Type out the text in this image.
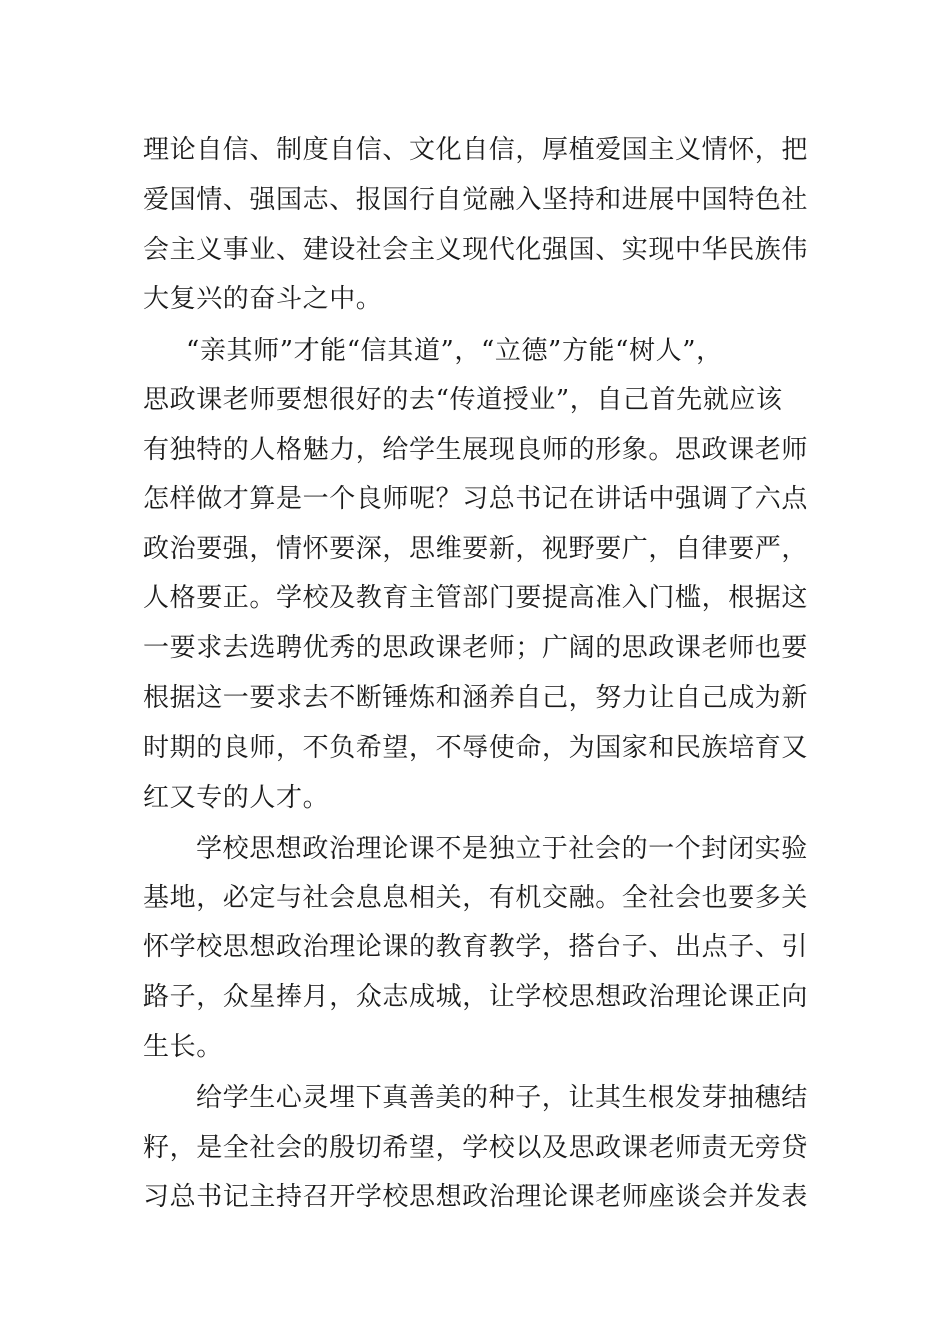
理论自信、制度自信、文化自信，厚植爱国主义情怀，把
爱国情、强国志、报国行自觉融入坚持和进展中国特色社
会主义事业、建设社会主义现代化强国、实现中华民族伟
大复兴的奋斗之中。
“亲其师”才能“信其道”，“立德”方能“树人”，
思政课老师要想很好的去“传道授业”，自己首先就应该
有独特的人格魅力，给学生展现良师的形象。思政课老师
怎样做才算是一个良师呢？习总书记在讲话中强调了六点
政治要强，情怀要深，思维要新，视野要广，自律要严，
人格要正。学校及教育主管部门要提高准入门槛，根据这
一要求去选聘优秀的思政课老师；广阔的思政课老师也要
根据这一要求去不断锤炼和涵养自己，努力让自己成为新
时期的良师，不负希望，不辱使命，为国家和民族培育又
红又专的人才。
学校思想政治理论课不是独立于社会的一个封闭实验
基地，必定与社会息息相关，有机交融。全社会也要多关
怀学校思想政治理论课的教育教学，搭台子、出点子、引
路子，众星捧月，众志成城，让学校思想政治理论课正向
生长。
给学生心灵埋下真善美的种子，让其生根发芽抽穗结
籽，是全社会的殷切希望，学校以及思政课老师责无旁贷
习总书记主持召开学校思想政治理论课老师座谈会并发表
